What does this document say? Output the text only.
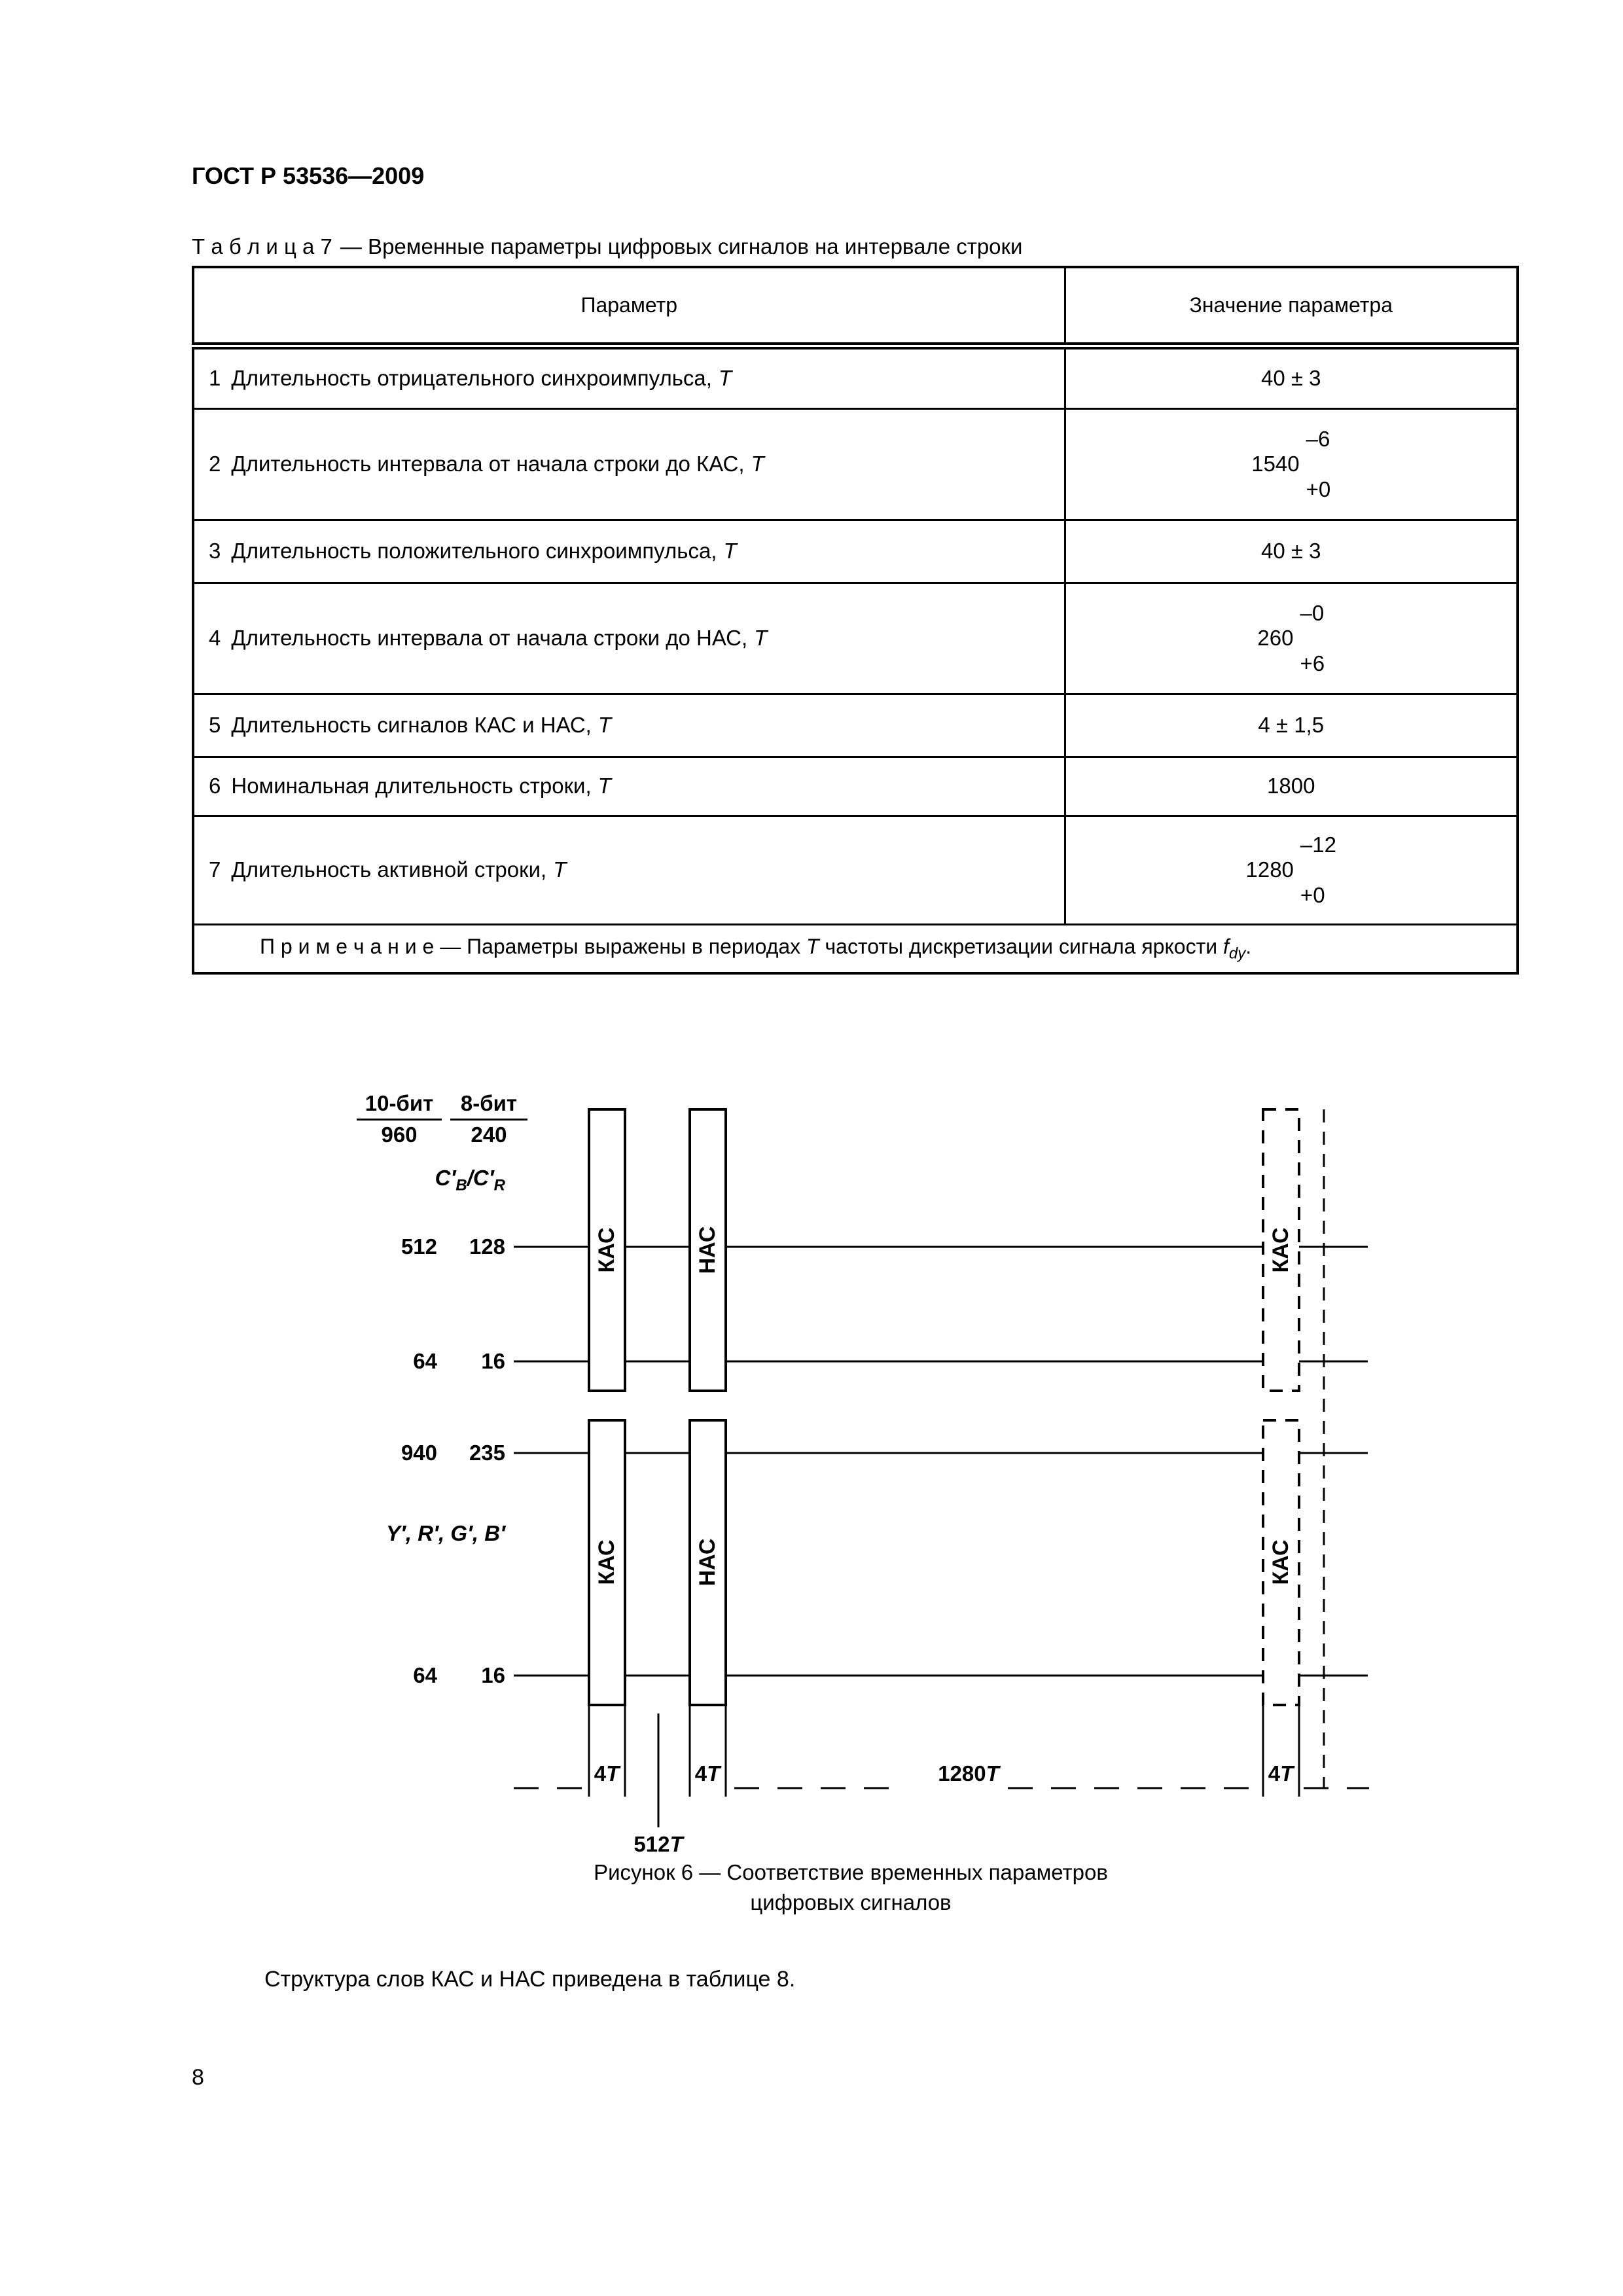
ГОСТ Р 53536—2009
Т а б л и ц а 7 — Временные параметры цифровых сигналов на интервале строки
Параметр	Значение параметра
1 Длительность отрицательного синхроимпульса, Т	40 ± 3
2 Длительность интервала от начала строки до КАС, Т	1540
–6
+0

3 Длительность положительного синхроимпульса, Т	40 ± 3
4 Длительность интервала от начала строки до НАС, Т	260
–0
+6

5 Длительность сигналов КАС и НАС, Т	4 ± 1,5
6 Номинальная длительность строки, Т	1800
7 Длительность активной строки, Т	1280
–12
+0

П р и м е ч а н и е — Параметры выражены в периодах Т частоты дискретизации сигнала яркости $f_{dy}$.	
10-бит
960
8-бит
240
$C'_B/C'_R$
512	128
64	16
940	235
64	16
Y′, R′, G′, B′
КАС
КАС
НАС
НАС
КАС
КАС
4T	4T	1280T	4T
512T
Рисунок 6 — Соответствие временных параметров
цифровых сигналов
Структура слов КАС и НАС приведена в таблице 8.
8
